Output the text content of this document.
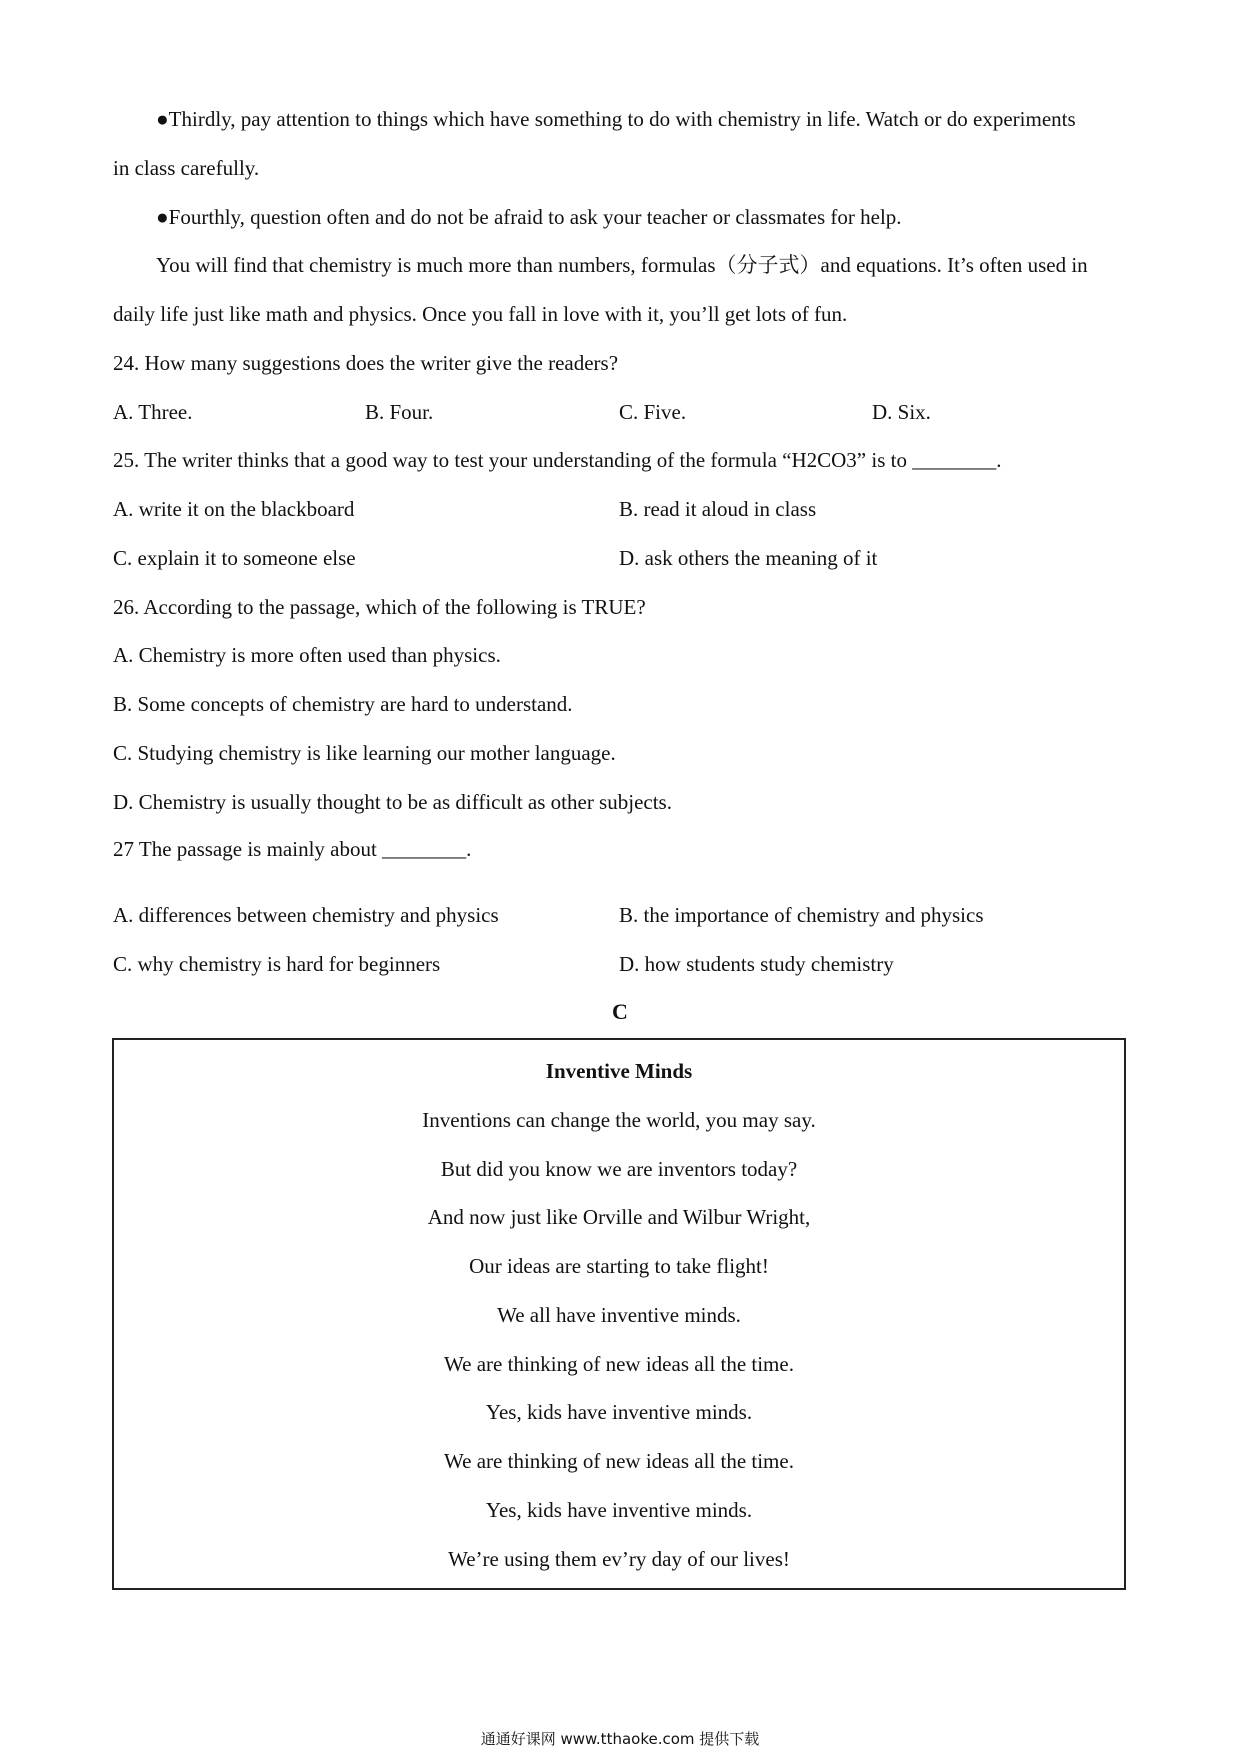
●Thirdly, pay attention to things which have something to do with chemistry in life. Watch or do experiments
in class carefully.
●Fourthly, question often and do not be afraid to ask your teacher or classmates for help.
You will find that chemistry is much more than numbers, formulas（分子式）and equations. It’s often used in
daily life just like math and physics. Once you fall in love with it, you’ll get lots of fun.
24. How many suggestions does the writer give the readers?
A. Three.	B. Four.	C. Five.	D. Six.
25. The writer thinks that a good way to test your understanding of the formula “H2CO3” is to ________.
A. write it on the blackboard	B. read it aloud in class
C. explain it to someone else	D. ask others the meaning of it
26. According to the passage, which of the following is TRUE?
A. Chemistry is more often used than physics.
B. Some concepts of chemistry are hard to understand.
C. Studying chemistry is like learning our mother language.
D. Chemistry is usually thought to be as difficult as other subjects.
27 The passage is mainly about ________.
A. differences between chemistry and physics	B. the importance of chemistry and physics
C. why chemistry is hard for beginners	D. how students study chemistry
C
Inventive Minds
Inventions can change the world, you may say.
But did you know we are inventors today?
And now just like Orville and Wilbur Wright,
Our ideas are starting to take flight!
We all have inventive minds.
We are thinking of new ideas all the time.
Yes, kids have inventive minds.
We are thinking of new ideas all the time.
Yes, kids have inventive minds.
We’re using them ev’ry day of our lives!
通通好课网 www.tthaoke.com 提供下载
